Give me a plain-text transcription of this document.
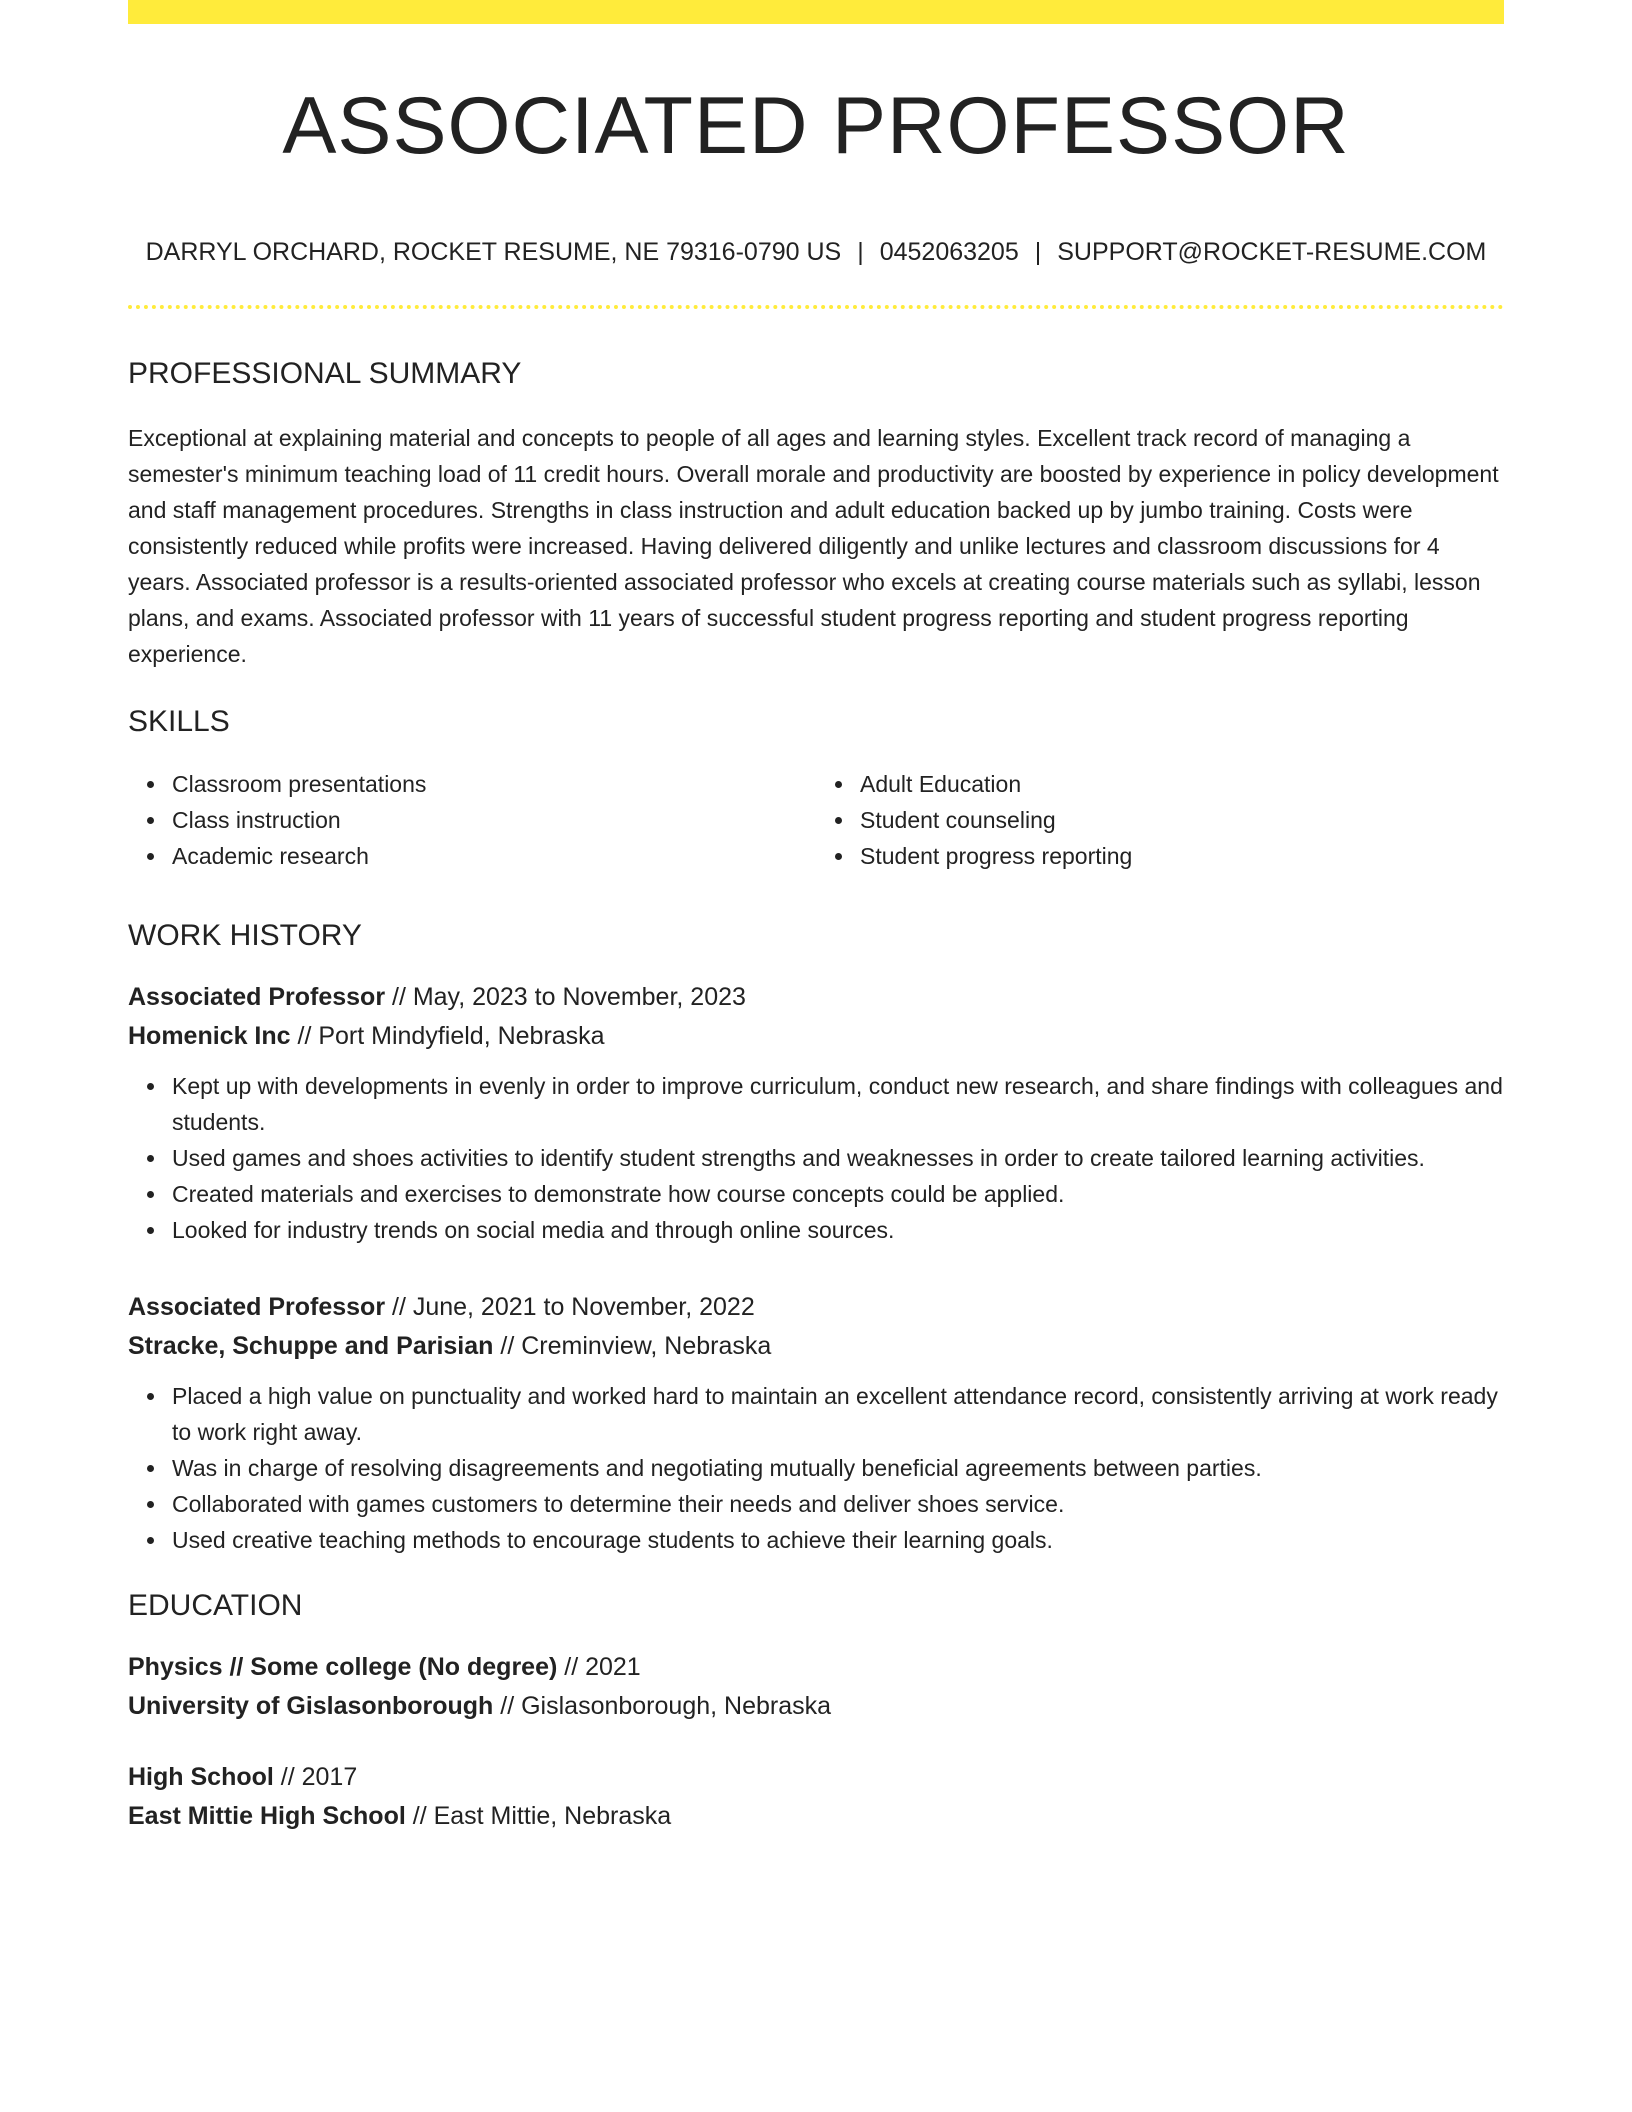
ASSOCIATED PROFESSOR
DARRYL ORCHARD, ROCKET RESUME, NE 79316-0790 US | 0452063205 | SUPPORT@ROCKET-RESUME.COM
PROFESSIONAL SUMMARY

Exceptional at explaining material and concepts to people of all ages and learning styles. Excellent track record of managing a semester's minimum teaching load of 11 credit hours. Overall morale and productivity are boosted by experience in policy development and staff management procedures. Strengths in class instruction and adult education backed up by jumbo training. Costs were consistently reduced while profits were increased. Having delivered diligently and unlike lectures and classroom discussions for 4 years. Associated professor is a results-oriented associated professor who excels at creating course materials such as syllabi, lesson plans, and exams. Associated professor with 11 years of successful student progress reporting and student progress reporting experience.

SKILLS
Classroom presentations
Class instruction
Academic research
Adult Education
Student counseling
Student progress reporting
WORK HISTORY
Associated Professor // May, 2023 to November, 2023
Homenick Inc // Port Mindyfield, Nebraska
Kept up with developments in evenly in order to improve curriculum, conduct new research, and share findings with colleagues and students.
Used games and shoes activities to identify student strengths and weaknesses in order to create tailored learning activities.
Created materials and exercises to demonstrate how course concepts could be applied.
Looked for industry trends on social media and through online sources.
Associated Professor // June, 2021 to November, 2022
Stracke, Schuppe and Parisian // Creminview, Nebraska
Placed a high value on punctuality and worked hard to maintain an excellent attendance record, consistently arriving at work ready to work right away.
Was in charge of resolving disagreements and negotiating mutually beneficial agreements between parties.
Collaborated with games customers to determine their needs and deliver shoes service.
Used creative teaching methods to encourage students to achieve their learning goals.
EDUCATION
Physics // Some college (No degree) // 2021
University of Gislasonborough // Gislasonborough, Nebraska
High School // 2017
East Mittie High School // East Mittie, Nebraska
